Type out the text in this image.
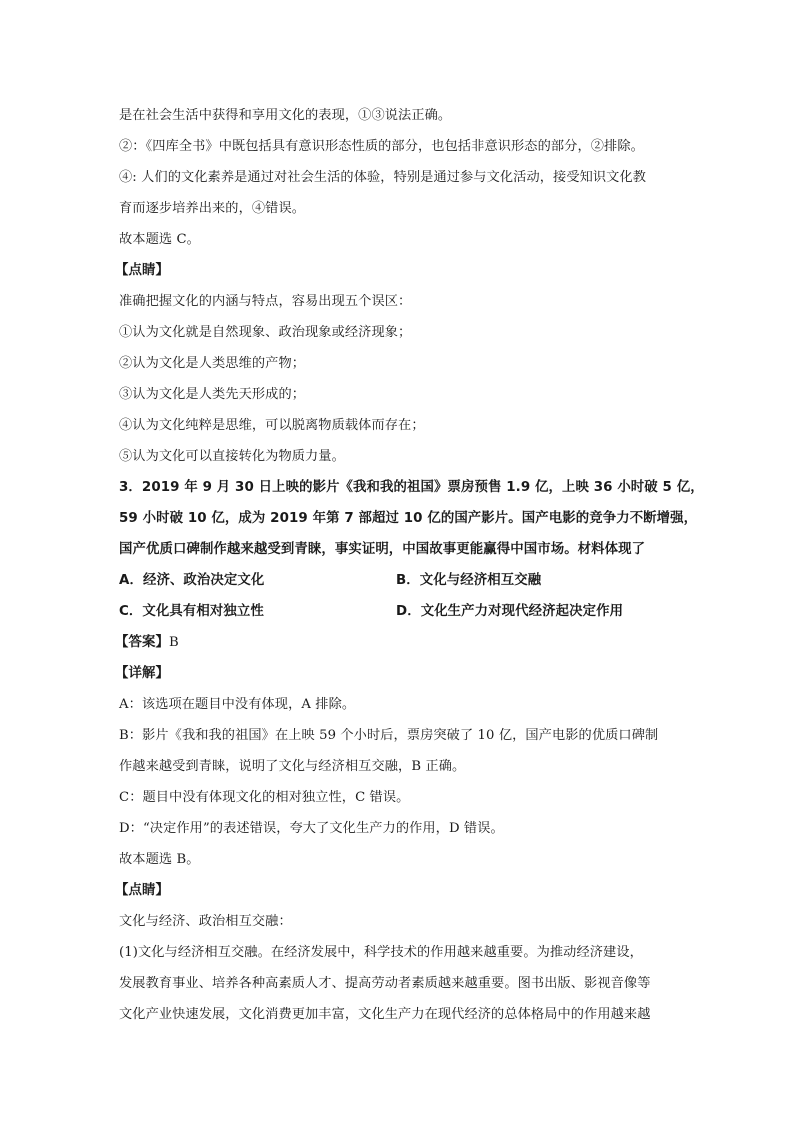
是在社会生活中获得和享用文化的表现，①③说法正确。
②：《四库全书》中既包括具有意识形态性质的部分，也包括非意识形态的部分，②排除。
④: 人们的文化素养是通过对社会生活的体验，特别是通过参与文化活动，接受知识文化教
育而逐步培养出来的，④错误。
故本题选 C。
【点睛】
准确把握文化的内涵与特点，容易出现五个误区：
①认为文化就是自然现象、政治现象或经济现象；
②认为文化是人类思维的产物；
③认为文化是人类先天形成的；
④认为文化纯粹是思维，可以脱离物质载体而存在；
⑤认为文化可以直接转化为物质力量。
3．2019 年 9 月 30 日上映的影片《我和我的祖国》票房预售 1.9 亿，上映 36 小时破 5 亿，
59 小时破 10 亿，成为 2019 年第 7 部超过 10 亿的国产影片。国产电影的竞争力不断增强，
国产优质口碑制作越来越受到青睐，事实证明，中国故事更能赢得中国市场。材料体现了
A．经济、政治决定文化	B．文化与经济相互交融
C．文化具有相对独立性	D．文化生产力对现代经济起决定作用
【答案】B
【详解】
A：该选项在题目中没有体现，A 排除。
B：影片《我和我的祖国》在上映 59 个小时后，票房突破了 10 亿，国产电影的优质口碑制
作越来越受到青睐，说明了文化与经济相互交融，B 正确。
C：题目中没有体现文化的相对独立性，C 错误。
D：“决定作用”的表述错误，夸大了文化生产力的作用，D 错误。
故本题选 B。
【点睛】
文化与经济、政治相互交融：
(1)文化与经济相互交融。在经济发展中，科学技术的作用越来越重要。为推动经济建设，
发展教育事业、培养各种高素质人才、提高劳动者素质越来越重要。图书出版、影视音像等
文化产业快速发展，文化消费更加丰富，文化生产力在现代经济的总体格局中的作用越来越
